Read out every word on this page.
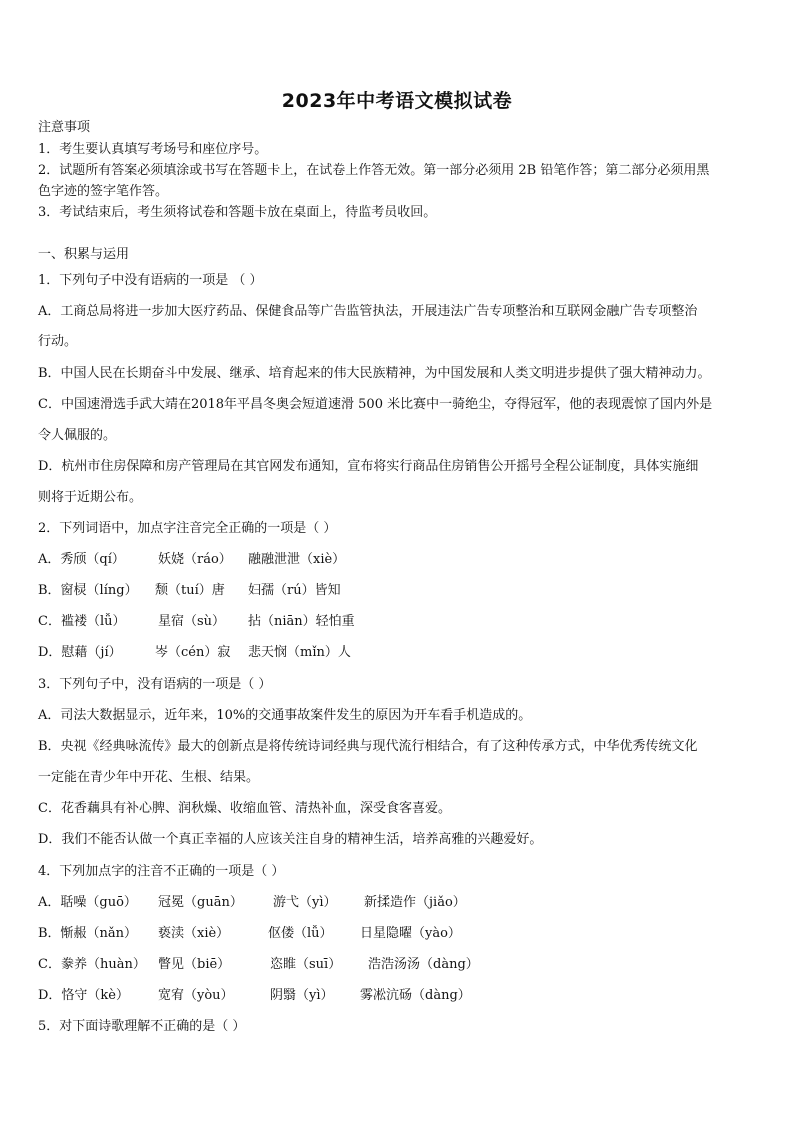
2023年中考语文模拟试卷
注意事项
1．考生要认真填写考场号和座位序号。
2．试题所有答案必须填涂或书写在答题卡上，在试卷上作答无效。第一部分必须用 2B 铅笔作答；第二部分必须用黑
色字迹的签字笔作答。
3．考试结束后，考生须将试卷和答题卡放在桌面上，待监考员收回。
一、积累与运用
1．下列句子中没有语病的一项是 （ ）
A．工商总局将进一步加大医疗药品、保健食品等广告监管执法，开展违法广告专项整治和互联网金融广告专项整治
行动。
B．中国人民在长期奋斗中发展、继承、培育起来的伟大民族精神，为中国发展和人类文明进步提供了强大精神动力。
C．中国速滑选手武大靖在2018年平昌冬奥会短道速滑 500 米比赛中一骑绝尘，夺得冠军，他的表现震惊了国内外是
令人佩服的。
D．杭州市住房保障和房产管理局在其官网发布通知，宣布将实行商品住房销售公开摇号全程公证制度，具体实施细
则将于近期公布。
2．下列词语中，加点字注音完全正确的一项是（ ）
A．秀颀（qí）	妖娆（ráo） 融融泄泄（xiè）
B．窗棂（líng） 颓（tuí）唐 妇孺（rú）皆知
C．褴褛（lǚ）	星宿（sù） 拈（niān）轻怕重
D．慰藉（jí）	岑（cén）寂 悲天悯（mǐn）人
3．下列句子中，没有语病的一项是（ ）
A．司法大数据显示，近年来，10%的交通事故案件发生的原因为开车看手机造成的。
B．央视《经典咏流传》最大的创新点是将传统诗词经典与现代流行相结合，有了这种传承方式，中华优秀传统文化
一定能在青少年中开花、生根、结果。
C．花香藕具有补心脾、润秋燥、收缩血管、清热补血，深受食客喜爱。
D．我们不能否认做一个真正幸福的人应该关注自身的精神生活，培养高雅的兴趣爱好。
4．下列加点字的注音不正确的一项是（ ）
A．聒噪（guō） 冠冕（guān） 游弋（yì） 新揉造作（jiǎo）
B．惭赧（nǎn） 亵渎（xiè）	伛偻（lǚ） 日星隐曜（yào）
C．豢养（huàn） 瞥见（biē）	恣睢（suī） 浩浩汤汤（dàng）
D．恪守（kè） 宽宥（yòu）	阴翳（yì） 雾凇沆砀（dàng）
5．对下面诗歌理解不正确的是（ ）
